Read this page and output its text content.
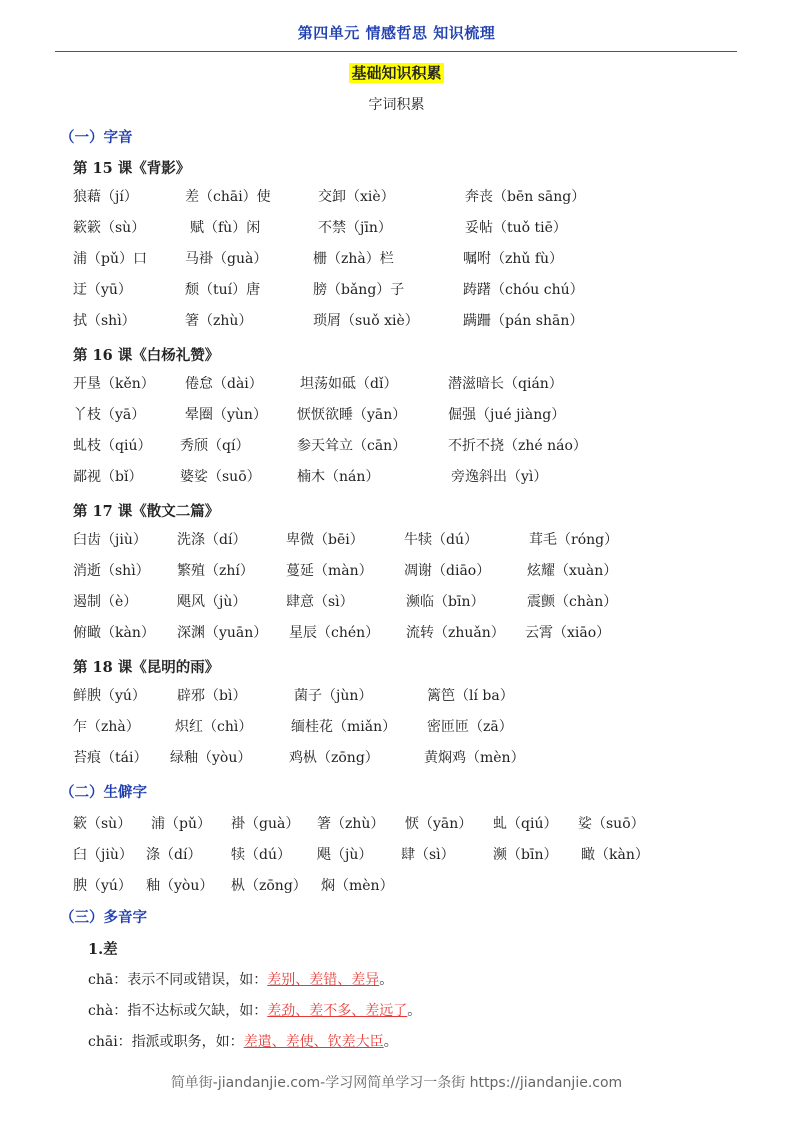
第四单元 情感哲思 知识梳理
基础知识积累
字词积累
（一）字音
第 15 课《背影》
狼藉（jí）	差（chāi）使	交卸（xiè）	奔丧（bēn sāng）
簌簌（sù）	赋（fù）闲	不禁（jīn）	妥帖（tuǒ tiē）
浦（pǔ）口	马褂（guà）	栅（zhà）栏	嘱咐（zhǔ fù）
迂（yū）	颓（tuí）唐	膀（bǎng）子	踌躇（chóu chú）
拭（shì）	箸（zhù）	琐屑（suǒ xiè）	蹒跚（pán shān）
第 16 课《白杨礼赞》
开垦（kěn） 倦怠（dài）	坦荡如砥（dǐ）	潜滋暗长（qián）
丫枝（yā）	晕圈（yùn） 恹恹欲睡（yān）	倔强（jué jiàng）
虬枝（qiú） 秀颀（qí）	参天耸立（cān）	不折不挠（zhé náo）
鄙视（bǐ）	婆娑（suō）	楠木（nán）	旁逸斜出（yì）
第 17 课《散文二篇》
臼齿（jiù） 洗涤（dí）	卑微（bēi）	牛犊（dú）	茸毛（róng）
消逝（shì） 繁殖（zhí） 蔓延（màn） 凋谢（diāo）	炫耀（xuàn）
遏制（è）	飓风（jù）	肆意（sì）	濒临（bīn）	震颤（chàn）
俯瞰（kàn） 深渊（yuān） 星辰（chén） 流转（zhuǎn） 云霄（xiāo）
第 18 课《昆明的雨》
鲜腴（yú） 辟邪（bì）	菌子（jùn）	篱笆（lí ba）
乍（zhà）	炽红（chì）	缅桂花（miǎn） 密匝匝（zā）
苔痕（tái） 绿釉（yòu）	鸡枞（zōng）	黄焖鸡（mèn）
（二）生僻字
簌（sù） 浦（pǔ） 褂（guà） 箸（zhù） 恹（yān） 虬（qiú） 娑（suō）
臼（jiù） 涤（dí） 犊（dú） 飓（jù） 肆（sì）	濒（bīn） 瞰（kàn）
腴（yú） 釉（yòu） 枞（zōng） 焖（mèn）
（三）多音字
1.差
chā：表示不同或错误，如：差别、差错、差异。
chà：指不达标或欠缺，如：差劲、差不多、差远了。
chāi：指派或职务，如：差遣、差使、钦差大臣。
简单街-jiandanjie.com-学习网简单学习一条街 https://jiandanjie.com
